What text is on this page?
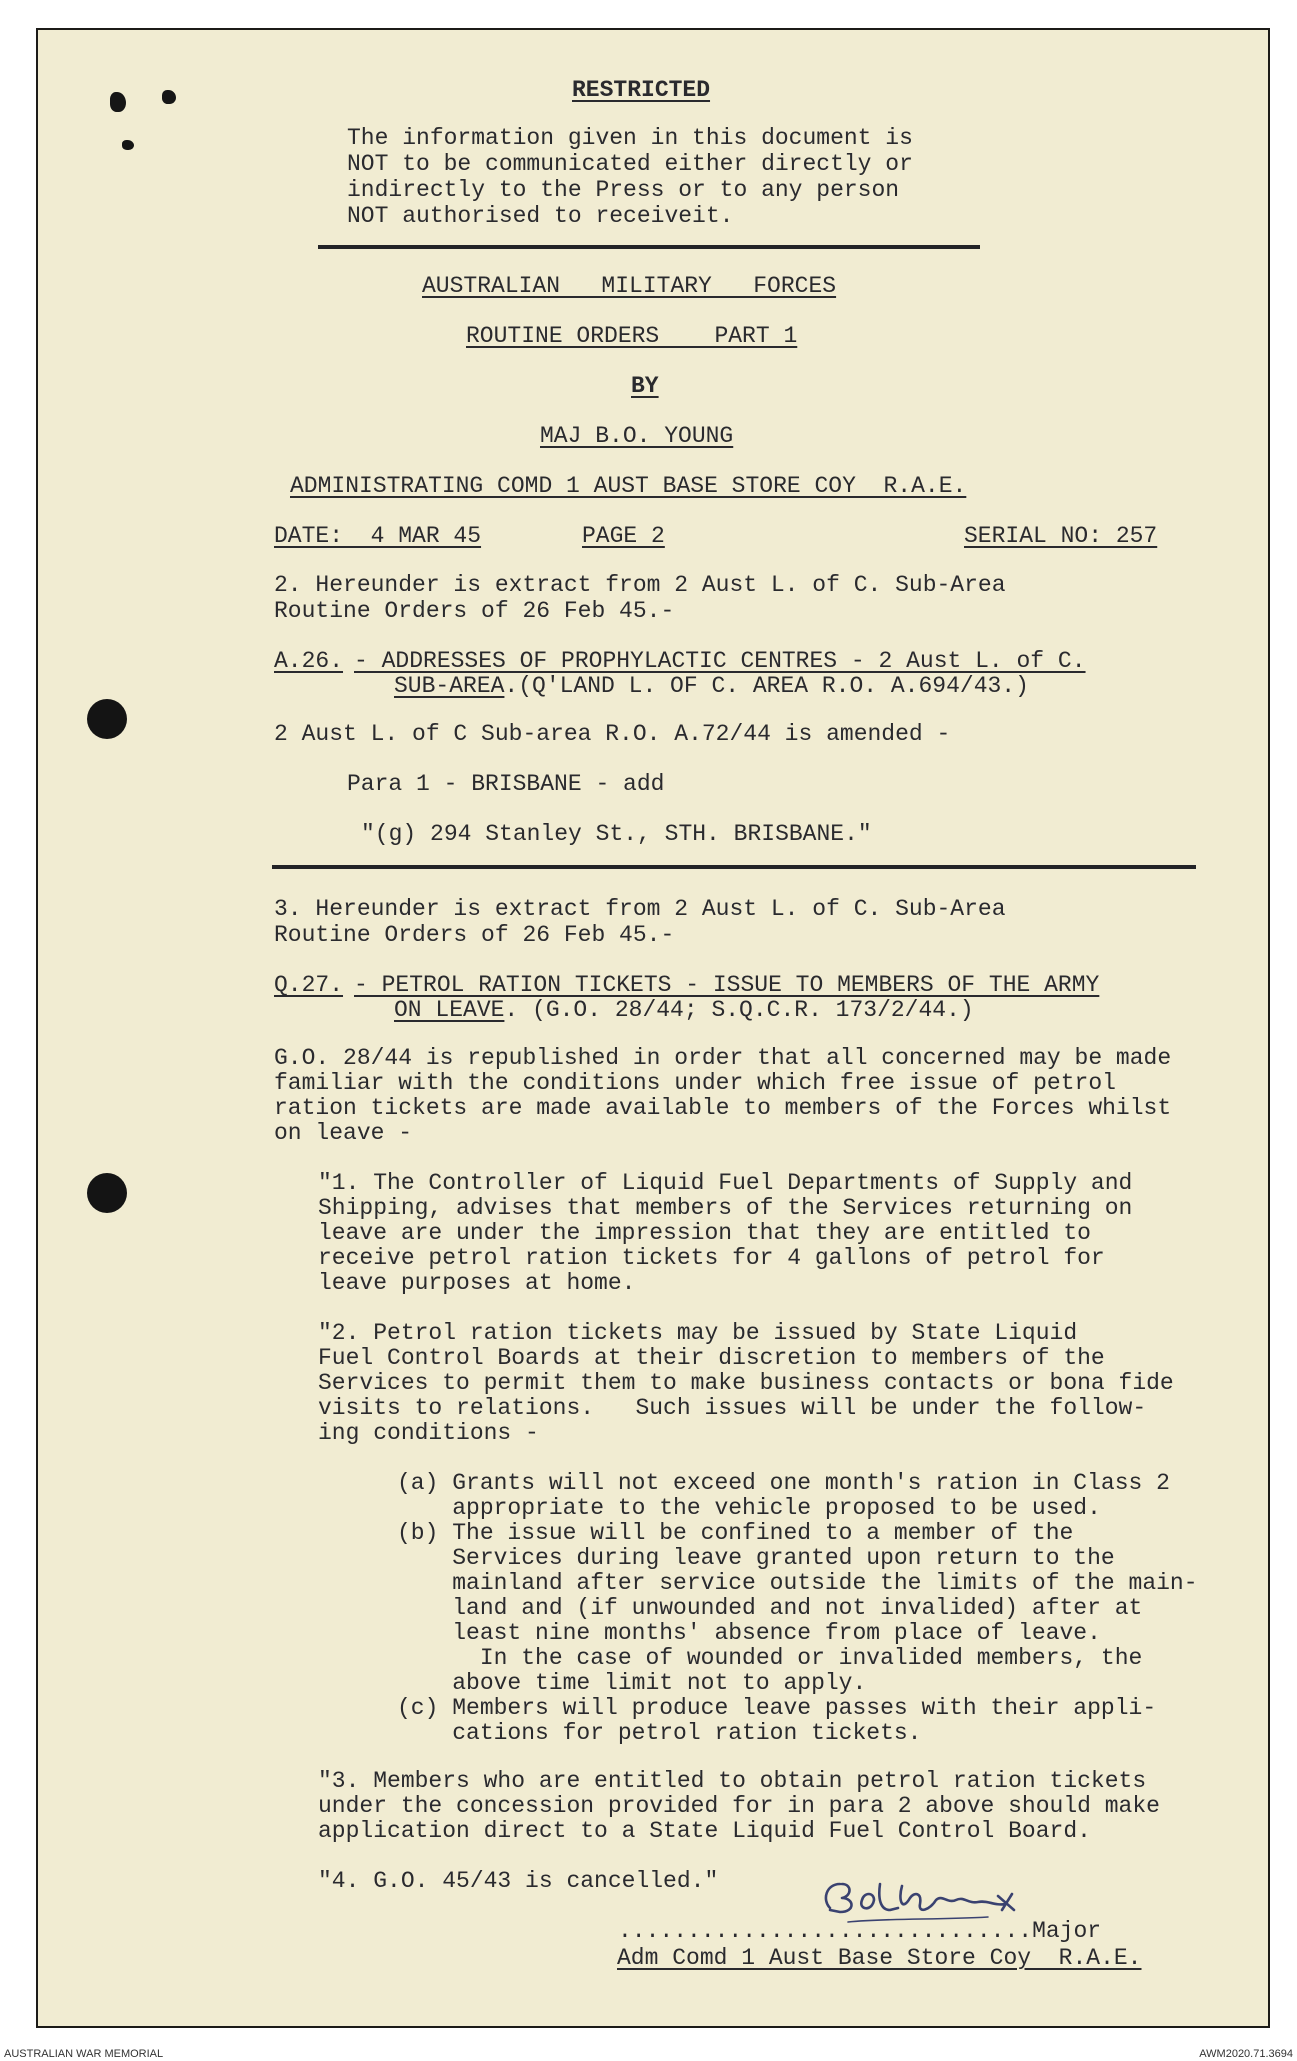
RESTRICTED
The information given in this document is
NOT to be communicated either directly or
indirectly to the Press or to any person
NOT authorised to receiveit.
AUSTRALIAN   MILITARY   FORCES
ROUTINE ORDERS    PART 1
BY
MAJ B.O. YOUNG
ADMINISTRATING COMD 1 AUST BASE STORE COY  R.A.E.
DATE:  4 MAR 45	PAGE 2	SERIAL NO: 257
2. Hereunder is extract from 2 Aust L. of C. Sub-Area
Routine Orders of 26 Feb 45.-
A.26. - ADDRESSES OF PROPHYLACTIC CENTRES - 2 Aust L. of C.
SUB-AREA.(Q'LAND L. OF C. AREA R.O. A.694/43.)
2 Aust L. of C Sub-area R.O. A.72/44 is amended -
Para 1 - BRISBANE - add
"(g) 294 Stanley St., STH. BRISBANE."
3. Hereunder is extract from 2 Aust L. of C. Sub-Area
Routine Orders of 26 Feb 45.-
Q.27. - PETROL RATION TICKETS - ISSUE TO MEMBERS OF THE ARMY
ON LEAVE. (G.O. 28/44; S.Q.C.R. 173/2/44.)
G.O. 28/44 is republished in order that all concerned may be made
familiar with the conditions under which free issue of petrol
ration tickets are made available to members of the Forces whilst
on leave -
"1. The Controller of Liquid Fuel Departments of Supply and
Shipping, advises that members of the Services returning on
leave are under the impression that they are entitled to
receive petrol ration tickets for 4 gallons of petrol for
leave purposes at home.
"2. Petrol ration tickets may be issued by State Liquid
Fuel Control Boards at their discretion to members of the
Services to permit them to make business contacts or bona fide
visits to relations.   Such issues will be under the follow-
ing conditions -
(a) Grants will not exceed one month's ration in Class 2
appropriate to the vehicle proposed to be used.
(b) The issue will be confined to a member of the
Services during leave granted upon return to the
mainland after service outside the limits of the main-
land and (if unwounded and not invalided) after at
least nine months' absence from place of leave.
In the case of wounded or invalided members, the
above time limit not to apply.
(c) Members will produce leave passes with their appli-
cations for petrol ration tickets.
"3. Members who are entitled to obtain petrol ration tickets
under the concession provided for in para 2 above should make
application direct to a State Liquid Fuel Control Board.
"4. G.O. 45/43 is cancelled."
..............................Major
Adm Comd 1 Aust Base Store Coy  R.A.E.
AUSTRALIAN WAR MEMORIAL	AWM2020.71.3694
